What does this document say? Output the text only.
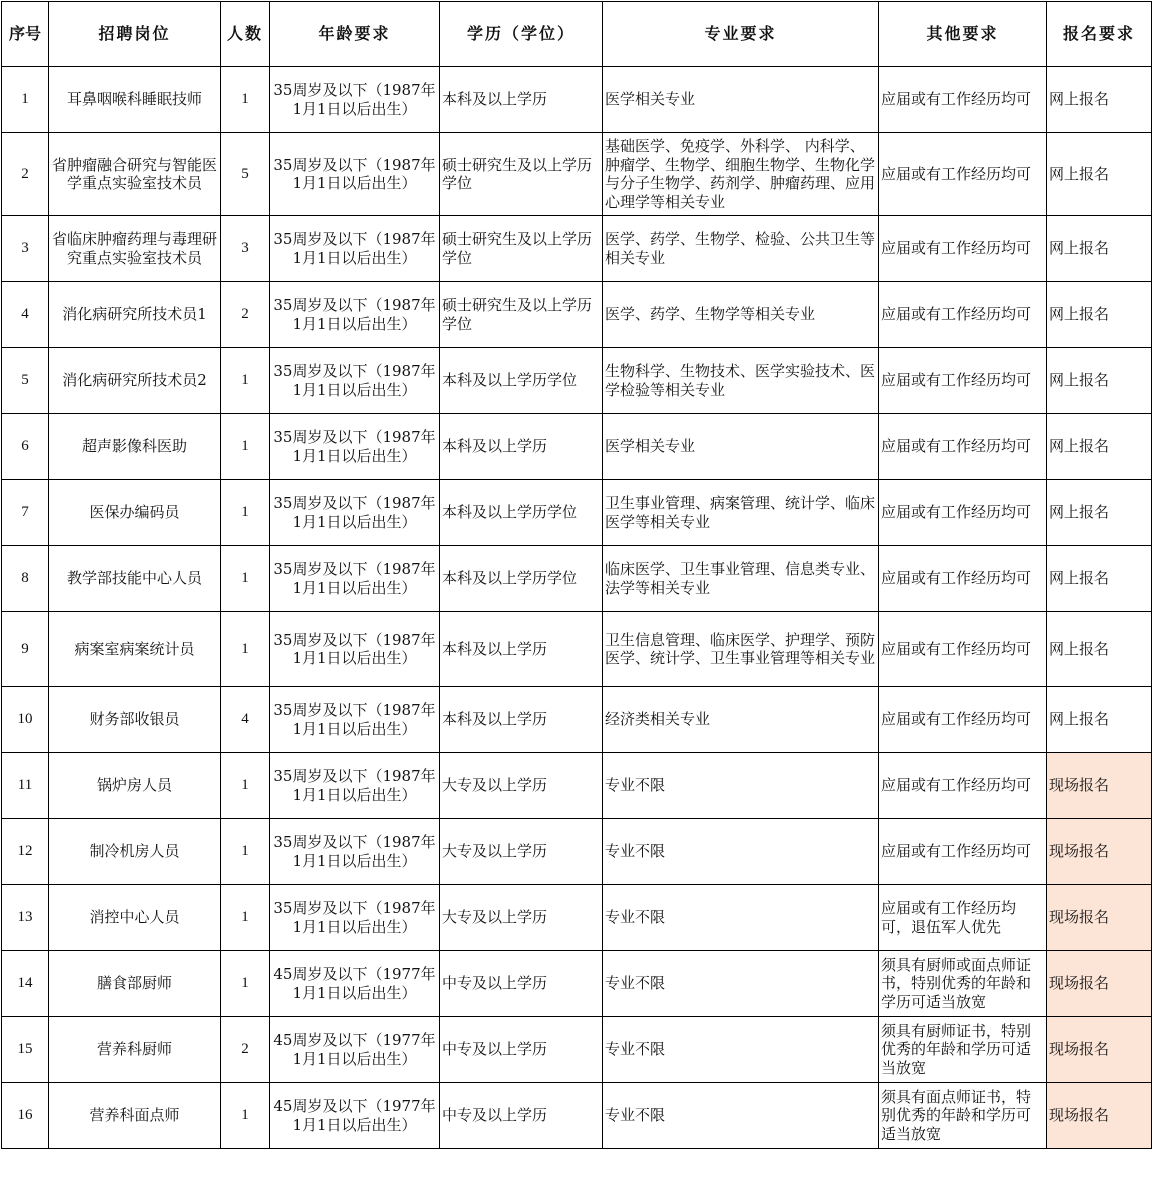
序号	招聘岗位	人数	年龄要求	学历（学位）	专业要求	其他要求	报名要求
1	耳鼻咽喉科睡眠技师	1	35周岁及以下（1987年1月1日以后出生）	本科及以上学历	医学相关专业	应届或有工作经历均可	网上报名
2	省肿瘤融合研究与智能医学重点实验室技术员	5	35周岁及以下（1987年1月1日以后出生）	硕士研究生及以上学历学位	基础医学、免疫学、外科学、 内科学、肿瘤学、生物学、细胞生物学、生物化学与分子生物学、药剂学、肿瘤药理、应用心理学等相关专业	应届或有工作经历均可	网上报名
3	省临床肿瘤药理与毒理研究重点实验室技术员	3	35周岁及以下（1987年1月1日以后出生）	硕士研究生及以上学历学位	医学、药学、生物学、检验、公共卫生等相关专业	应届或有工作经历均可	网上报名
4	消化病研究所技术员1	2	35周岁及以下（1987年1月1日以后出生）	硕士研究生及以上学历学位	医学、药学、生物学等相关专业	应届或有工作经历均可	网上报名
5	消化病研究所技术员2	1	35周岁及以下（1987年1月1日以后出生）	本科及以上学历学位	生物科学、生物技术、医学实验技术、医学检验等相关专业	应届或有工作经历均可	网上报名
6	超声影像科医助	1	35周岁及以下（1987年1月1日以后出生）	本科及以上学历	医学相关专业	应届或有工作经历均可	网上报名
7	医保办编码员	1	35周岁及以下（1987年1月1日以后出生）	本科及以上学历学位	卫生事业管理、病案管理、统计学、临床医学等相关专业	应届或有工作经历均可	网上报名
8	教学部技能中心人员	1	35周岁及以下（1987年1月1日以后出生）	本科及以上学历学位	临床医学、卫生事业管理、信息类专业、法学等相关专业	应届或有工作经历均可	网上报名
9	病案室病案统计员	1	35周岁及以下（1987年1月1日以后出生）	本科及以上学历	卫生信息管理、临床医学、护理学、预防医学、统计学、卫生事业管理等相关专业	应届或有工作经历均可	网上报名
10	财务部收银员	4	35周岁及以下（1987年1月1日以后出生）	本科及以上学历	经济类相关专业	应届或有工作经历均可	网上报名
11	锅炉房人员	1	35周岁及以下（1987年1月1日以后出生）	大专及以上学历	专业不限	应届或有工作经历均可	现场报名
12	制冷机房人员	1	35周岁及以下（1987年1月1日以后出生）	大专及以上学历	专业不限	应届或有工作经历均可	现场报名
13	消控中心人员	1	35周岁及以下（1987年1月1日以后出生）	大专及以上学历	专业不限	应届或有工作经历均可，退伍军人优先	现场报名
14	膳食部厨师	1	45周岁及以下（1977年1月1日以后出生）	中专及以上学历	专业不限	须具有厨师或面点师证书，特别优秀的年龄和学历可适当放宽	现场报名
15	营养科厨师	2	45周岁及以下（1977年1月1日以后出生）	中专及以上学历	专业不限	须具有厨师证书，特别优秀的年龄和学历可适当放宽	现场报名
16	营养科面点师	1	45周岁及以下（1977年1月1日以后出生）	中专及以上学历	专业不限	须具有面点师证书，特别优秀的年龄和学历可适当放宽	现场报名
